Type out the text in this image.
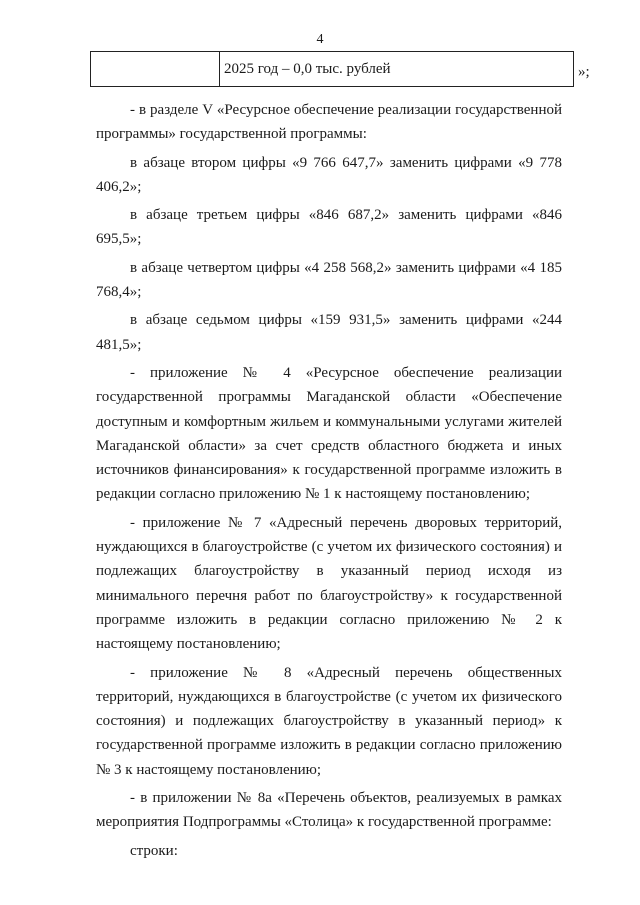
4
	2025 год – 0,0 тыс. рублей	»;

- в разделе V «Ресурсное обеспечение реализации государственной программы» государственной программы:

в абзаце втором цифры «9 766 647,7» заменить цифрами «9 778 406,2»;

в абзаце третьем цифры «846 687,2» заменить цифрами «846 695,5»;

в абзаце четвертом цифры «4 258 568,2» заменить цифрами «4 185 768,4»;

в абзаце седьмом цифры «159 931,5» заменить цифрами «244 481,5»;

- приложение № 4 «Ресурсное обеспечение реализации государственной программы Магаданской области «Обеспечение доступным и комфортным жильем и коммунальными услугами жителей Магаданской области» за счет средств областного бюджета и иных источников финансирования» к государственной программе изложить в редакции согласно приложению № 1 к настоящему постановлению;

- приложение № 7 «Адресный перечень дворовых территорий, нуждающихся в благоустройстве (с учетом их физического состояния) и подлежащих благоустройству в указанный период исходя из минимального перечня работ по благоустройству» к государственной программе изложить в редакции согласно приложению № 2 к настоящему постановлению;

- приложение № 8 «Адресный перечень общественных территорий, нуждающихся в благоустройстве (с учетом их физического состояния) и подлежащих благоустройству в указанный период» к государственной программе изложить в редакции согласно приложению № 3 к настоящему постановлению;

- в приложении № 8а «Перечень объектов, реализуемых в рамках мероприятия Подпрограммы «Столица» к государственной программе:

строки:
